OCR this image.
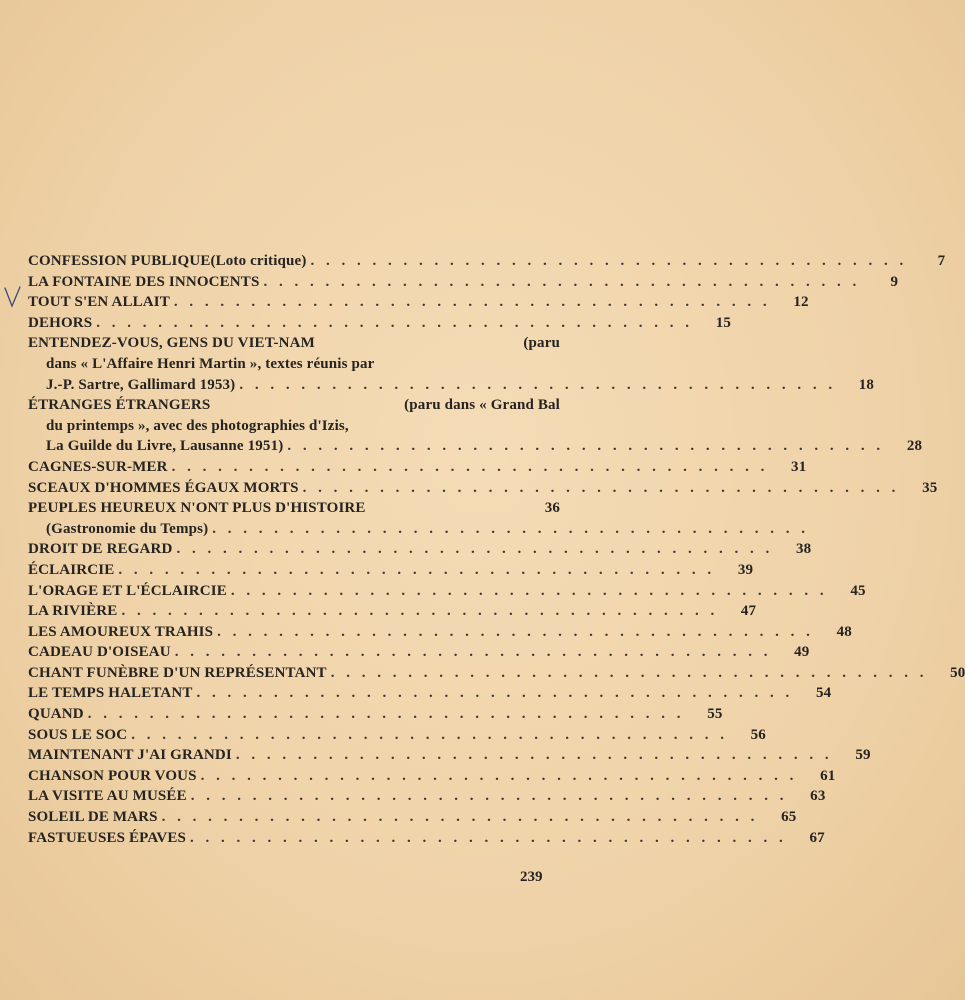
CONFESSION PUBLIQUE (Loto critique) . . . . . . . . . . . . . . . . . . . . . . . . . . . . . . . . . . . . . . .	7
LA FONTAINE DES INNOCENTS . . . . . . . . . . . . . . . . . . . . . . . . . . . . . . . . . . . . . . .	9
TOUT S'EN ALLAIT . . . . . . . . . . . . . . . . . . . . . . . . . . . . . . . . . . . . . . .	12
DEHORS . . . . . . . . . . . . . . . . . . . . . . . . . . . . . . . . . . . . . . .	15
ENTENDEZ-VOUS, GENS DU VIET-NAM	(paru
dans « L'Affaire Henri Martin », textes réunis par
J.-P. Sartre, Gallimard 1953) . . . . . . . . . . . . . . . . . . . . . . . . . . . . . . . . . . . . . . .	18
ÉTRANGES ÉTRANGERS	(paru dans « Grand Bal
du printemps », avec des photographies d'Izis,
La Guilde du Livre, Lausanne 1951) . . . . . . . . . . . . . . . . . . . . . . . . . . . . . . . . . . . . . . .	28
CAGNES-SUR-MER . . . . . . . . . . . . . . . . . . . . . . . . . . . . . . . . . . . . . . .	31
SCEAUX D'HOMMES ÉGAUX MORTS . . . . . . . . . . . . . . . . . . . . . . . . . . . . . . . . . . . . . . .	35
PEUPLES HEUREUX N'ONT PLUS D'HISTOIRE	36
(Gastronomie du Temps) . . . . . . . . . . . . . . . . . . . . . . . . . . . . . . . . . . . . . . .
DROIT DE REGARD . . . . . . . . . . . . . . . . . . . . . . . . . . . . . . . . . . . . . . .	38
ÉCLAIRCIE . . . . . . . . . . . . . . . . . . . . . . . . . . . . . . . . . . . . . . .	39
L'ORAGE ET L'ÉCLAIRCIE . . . . . . . . . . . . . . . . . . . . . . . . . . . . . . . . . . . . . . .	45
LA RIVIÈRE . . . . . . . . . . . . . . . . . . . . . . . . . . . . . . . . . . . . . . .	47
LES AMOUREUX TRAHIS . . . . . . . . . . . . . . . . . . . . . . . . . . . . . . . . . . . . . . .	48
CADEAU D'OISEAU . . . . . . . . . . . . . . . . . . . . . . . . . . . . . . . . . . . . . . .	49
CHANT FUNÈBRE D'UN REPRÉSENTANT . . . . . . . . . . . . . . . . . . . . . . . . . . . . . . . . . . . . . . .	50
LE TEMPS HALETANT . . . . . . . . . . . . . . . . . . . . . . . . . . . . . . . . . . . . . . .	54
QUAND . . . . . . . . . . . . . . . . . . . . . . . . . . . . . . . . . . . . . . .	55
SOUS LE SOC . . . . . . . . . . . . . . . . . . . . . . . . . . . . . . . . . . . . . . .	56
MAINTENANT J'AI GRANDI . . . . . . . . . . . . . . . . . . . . . . . . . . . . . . . . . . . . . . .	59
CHANSON POUR VOUS . . . . . . . . . . . . . . . . . . . . . . . . . . . . . . . . . . . . . . .	61
LA VISITE AU MUSÉE . . . . . . . . . . . . . . . . . . . . . . . . . . . . . . . . . . . . . . .	63
SOLEIL DE MARS . . . . . . . . . . . . . . . . . . . . . . . . . . . . . . . . . . . . . . .	65
FASTUEUSES ÉPAVES . . . . . . . . . . . . . . . . . . . . . . . . . . . . . . . . . . . . . . .	67
239
